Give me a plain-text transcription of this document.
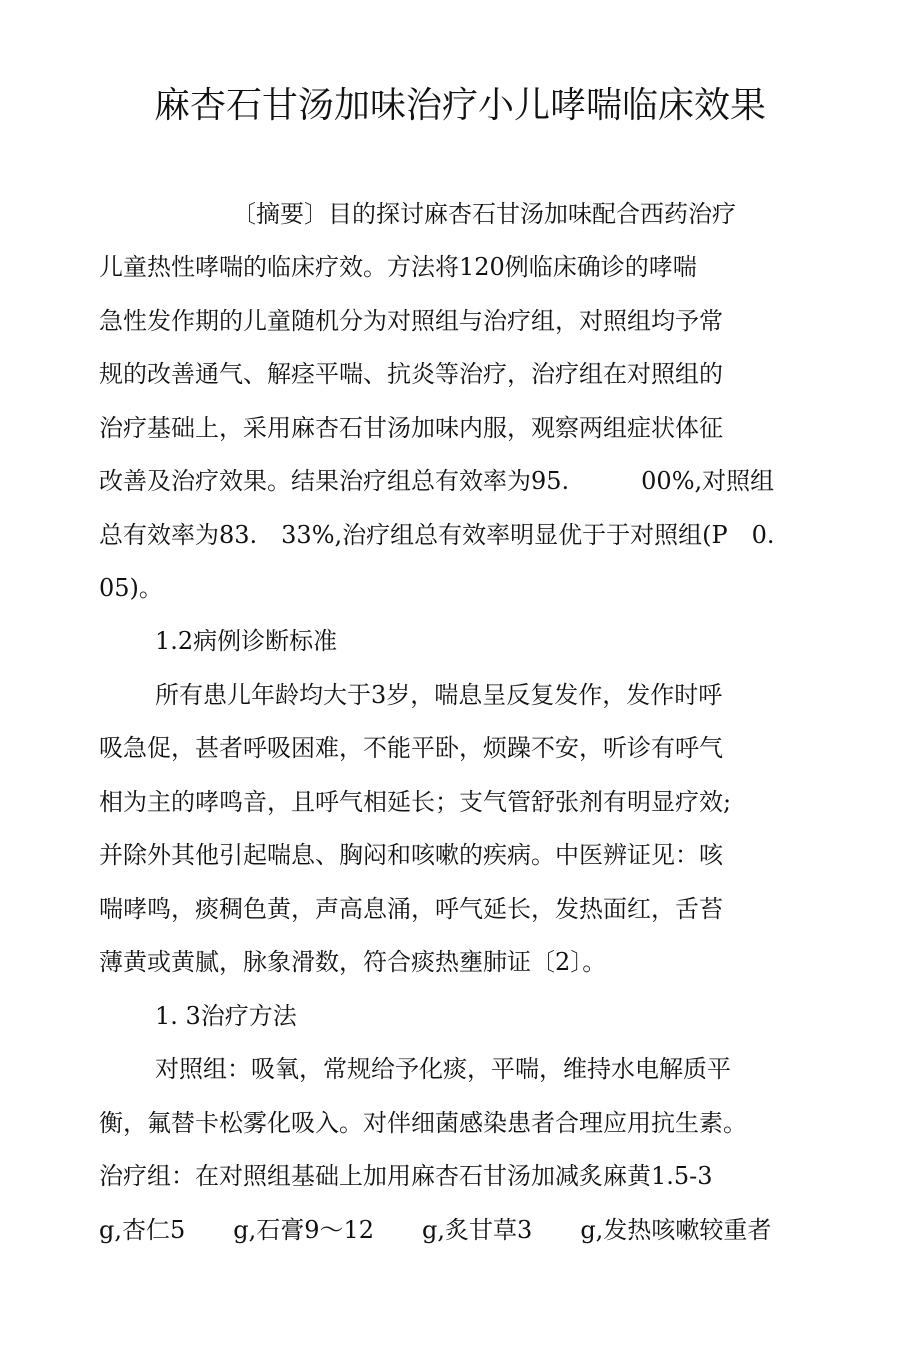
麻杏石甘汤加味治疗小儿哮喘临床效果

〔摘要〕目的探讨麻杏石甘汤加味配合西药治疗

儿童热性哮喘的临床疗效。方法将120例临床确诊的哮喘

急性发作期的儿童随机分为对照组与治疗组，对照组均予常

规的改善通气、解痉平喘、抗炎等治疗，治疗组在对照组的

治疗基础上，采用麻杏石甘汤加味内服，观察两组症状体征

改善及治疗效果。结果治疗组总有效率为95.　　　00%,对照组

总有效率为83.　33%,治疗组总有效率明显优于于对照组(P　0.

05)。

1.2病例诊断标准

所有患儿年龄均大于3岁，喘息呈反复发作，发作时呼

吸急促，甚者呼吸困难，不能平卧，烦躁不安，听诊有呼气

相为主的哮鸣音，且呼气相延长；支气管舒张剂有明显疗效;

并除外其他引起喘息、胸闷和咳嗽的疾病。中医辨证见：咳

喘哮鸣，痰稠色黄，声高息涌，呼气延长，发热面红，舌苔

薄黄或黄腻，脉象滑数，符合痰热壅肺证〔2〕。

1. 3治疗方法

对照组：吸氧，常规给予化痰，平喘，维持水电解质平

衡，氟替卡松雾化吸入。对伴细菌感染患者合理应用抗生素。

治疗组：在对照组基础上加用麻杏石甘汤加减炙麻黄1.5-3

g,杏仁5　　g,石膏9～12　　g,炙甘草3　　g,发热咳嗽较重者
